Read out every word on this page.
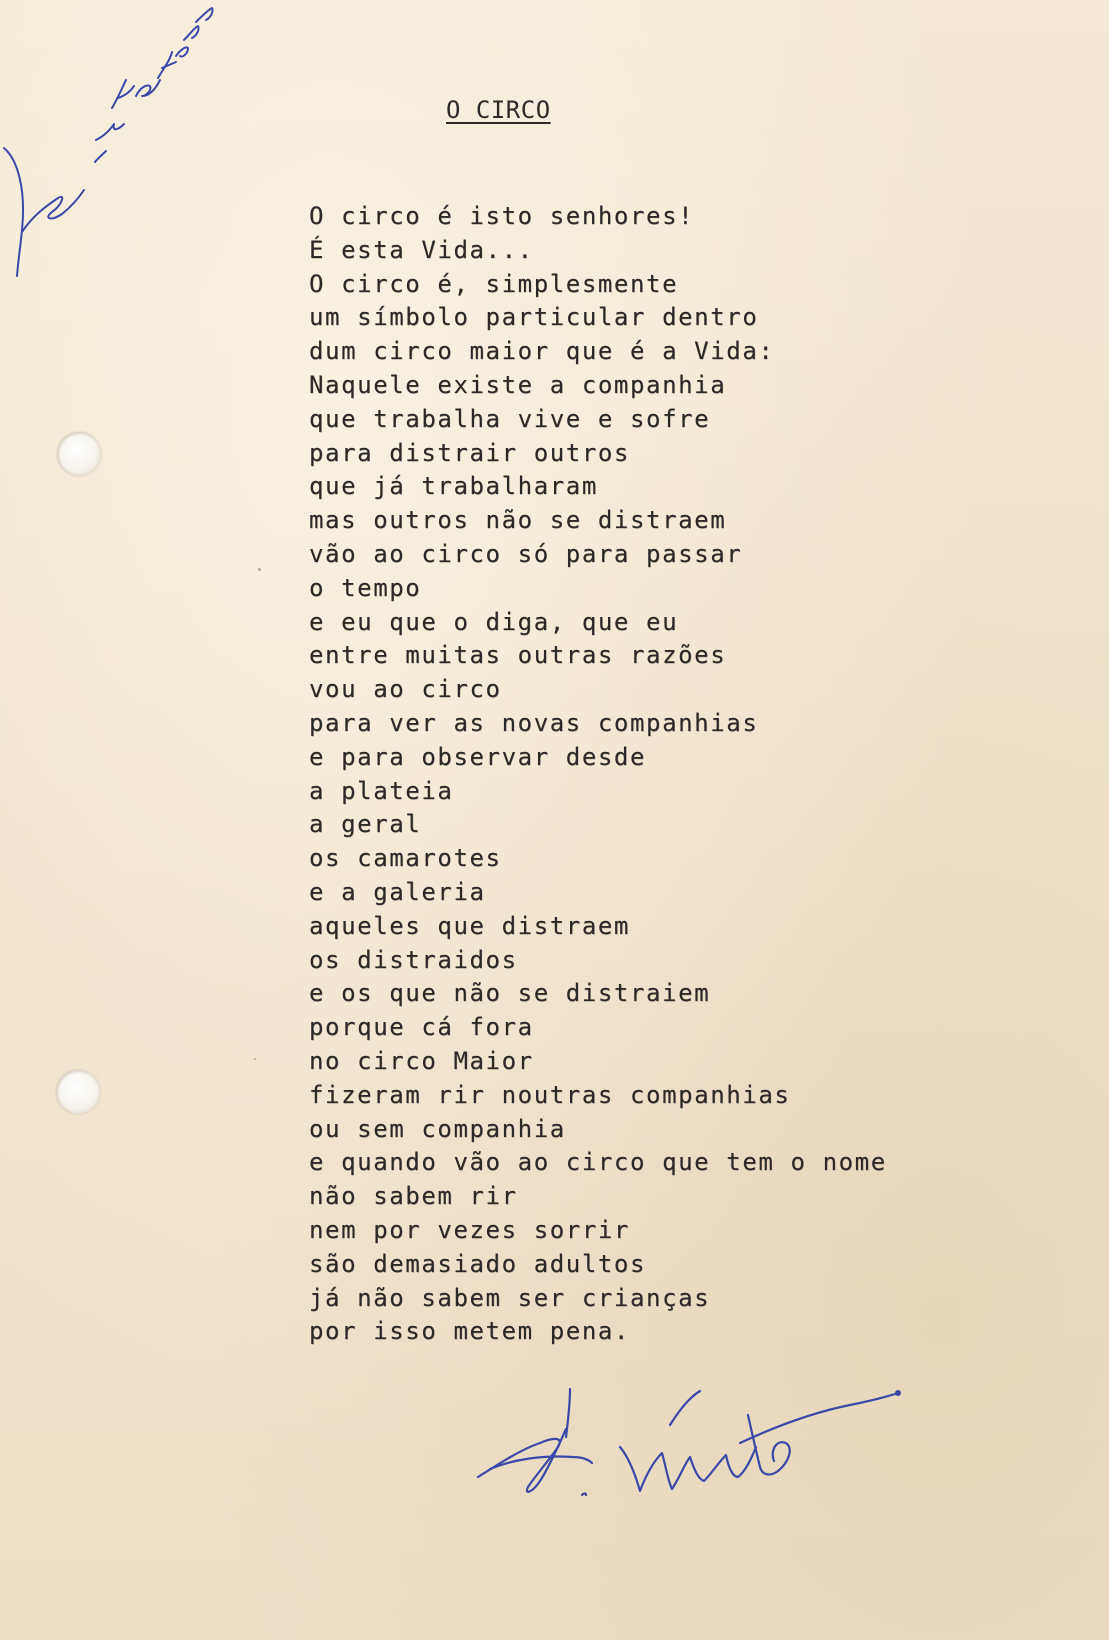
O CIRCO
O circo é isto senhores!
É esta Vida...
O circo é, simplesmente
um símbolo particular dentro
dum circo maior que é a Vida:
Naquele existe a companhia
que trabalha vive e sofre
para distrair outros
que já trabalharam
mas outros não se distraem
vão ao circo só para passar
o tempo
e eu que o diga, que eu
entre muitas outras razões
vou ao circo
para ver as novas companhias
e para observar desde
a plateia
a geral
os camarotes
e a galeria
aqueles que distraem
os distraidos
e os que não se distraiem
porque cá fora
no circo Maior
fizeram rir noutras companhias
ou sem companhia
e quando vão ao circo que tem o nome
não sabem rir
nem por vezes sorrir
são demasiado adultos
já não sabem ser crianças
por isso metem pena.
